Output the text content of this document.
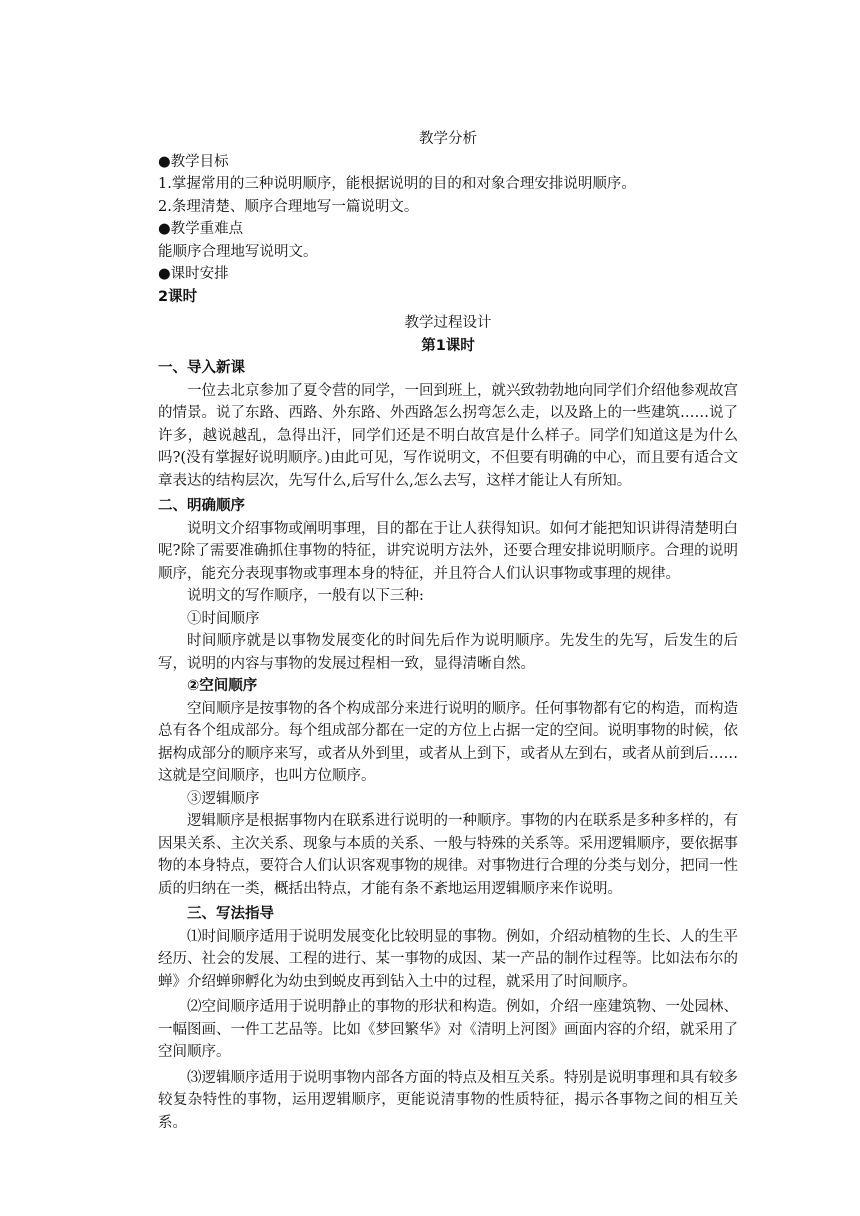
教学分析
●教学目标
1.掌握常用的三种说明顺序，能根据说明的目的和对象合理安排说明顺序。
2.条理清楚、顺序合理地写一篇说明文。
●教学重难点
能顺序合理地写说明文。
●课时安排
2课时
教学过程设计
第1课时
一、导入新课
一位去北京参加了夏令营的同学，一回到班上，就兴致勃勃地向同学们介绍他参观故宫的情景。说了东路、西路、外东路、外西路怎么拐弯怎么走，以及路上的一些建筑……说了许多，越说越乱，急得出汗，同学们还是不明白故宫是什么样子。同学们知道这是为什么吗?(没有掌握好说明顺序。)由此可见，写作说明文，不但要有明确的中心，而且要有适合文章表达的结构层次，先写什么,后写什么,怎么去写，这样才能让人有所知。
二、明确顺序
说明文介绍事物或阐明事理，目的都在于让人获得知识。如何才能把知识讲得清楚明白呢?除了需要准确抓住事物的特征，讲究说明方法外，还要合理安排说明顺序。合理的说明顺序，能充分表现事物或事理本身的特征，并且符合人们认识事物或事理的规律。
说明文的写作顺序，一般有以下三种:
①时间顺序
时间顺序就是以事物发展变化的时间先后作为说明顺序。先发生的先写，后发生的后写，说明的内容与事物的发展过程相一致，显得清晰自然。
②空间顺序
空间顺序是按事物的各个构成部分来进行说明的顺序。任何事物都有它的构造，而构造总有各个组成部分。每个组成部分都在一定的方位上占据一定的空间。说明事物的时候，依据构成部分的顺序来写，或者从外到里，或者从上到下，或者从左到右，或者从前到后……这就是空间顺序，也叫方位顺序。
③逻辑顺序
逻辑顺序是根据事物内在联系进行说明的一种顺序。事物的内在联系是多种多样的，有因果关系、主次关系、现象与本质的关系、一般与特殊的关系等。采用逻辑顺序，要依据事物的本身特点，要符合人们认识客观事物的规律。对事物进行合理的分类与划分，把同一性质的归纳在一类，概括出特点，才能有条不紊地运用逻辑顺序来作说明。
三、写法指导
⑴时间顺序适用于说明发展变化比较明显的事物。例如，介绍动植物的生长、人的生平经历、社会的发展、工程的进行、某一事物的成因、某一产品的制作过程等。比如法布尔的蝉》介绍蝉卵孵化为幼虫到蜕皮再到钻入土中的过程，就采用了时间顺序。
⑵空间顺序适用于说明静止的事物的形状和构造。例如，介绍一座建筑物、一处园林、一幅图画、一件工艺品等。比如《梦回繁华》对《清明上河图》画面内容的介绍，就采用了空间顺序。
⑶逻辑顺序适用于说明事物内部各方面的特点及相互关系。特别是说明事理和具有较多较复杂特性的事物，运用逻辑顺序，更能说清事物的性质特征，揭示各事物之间的相互关系。
